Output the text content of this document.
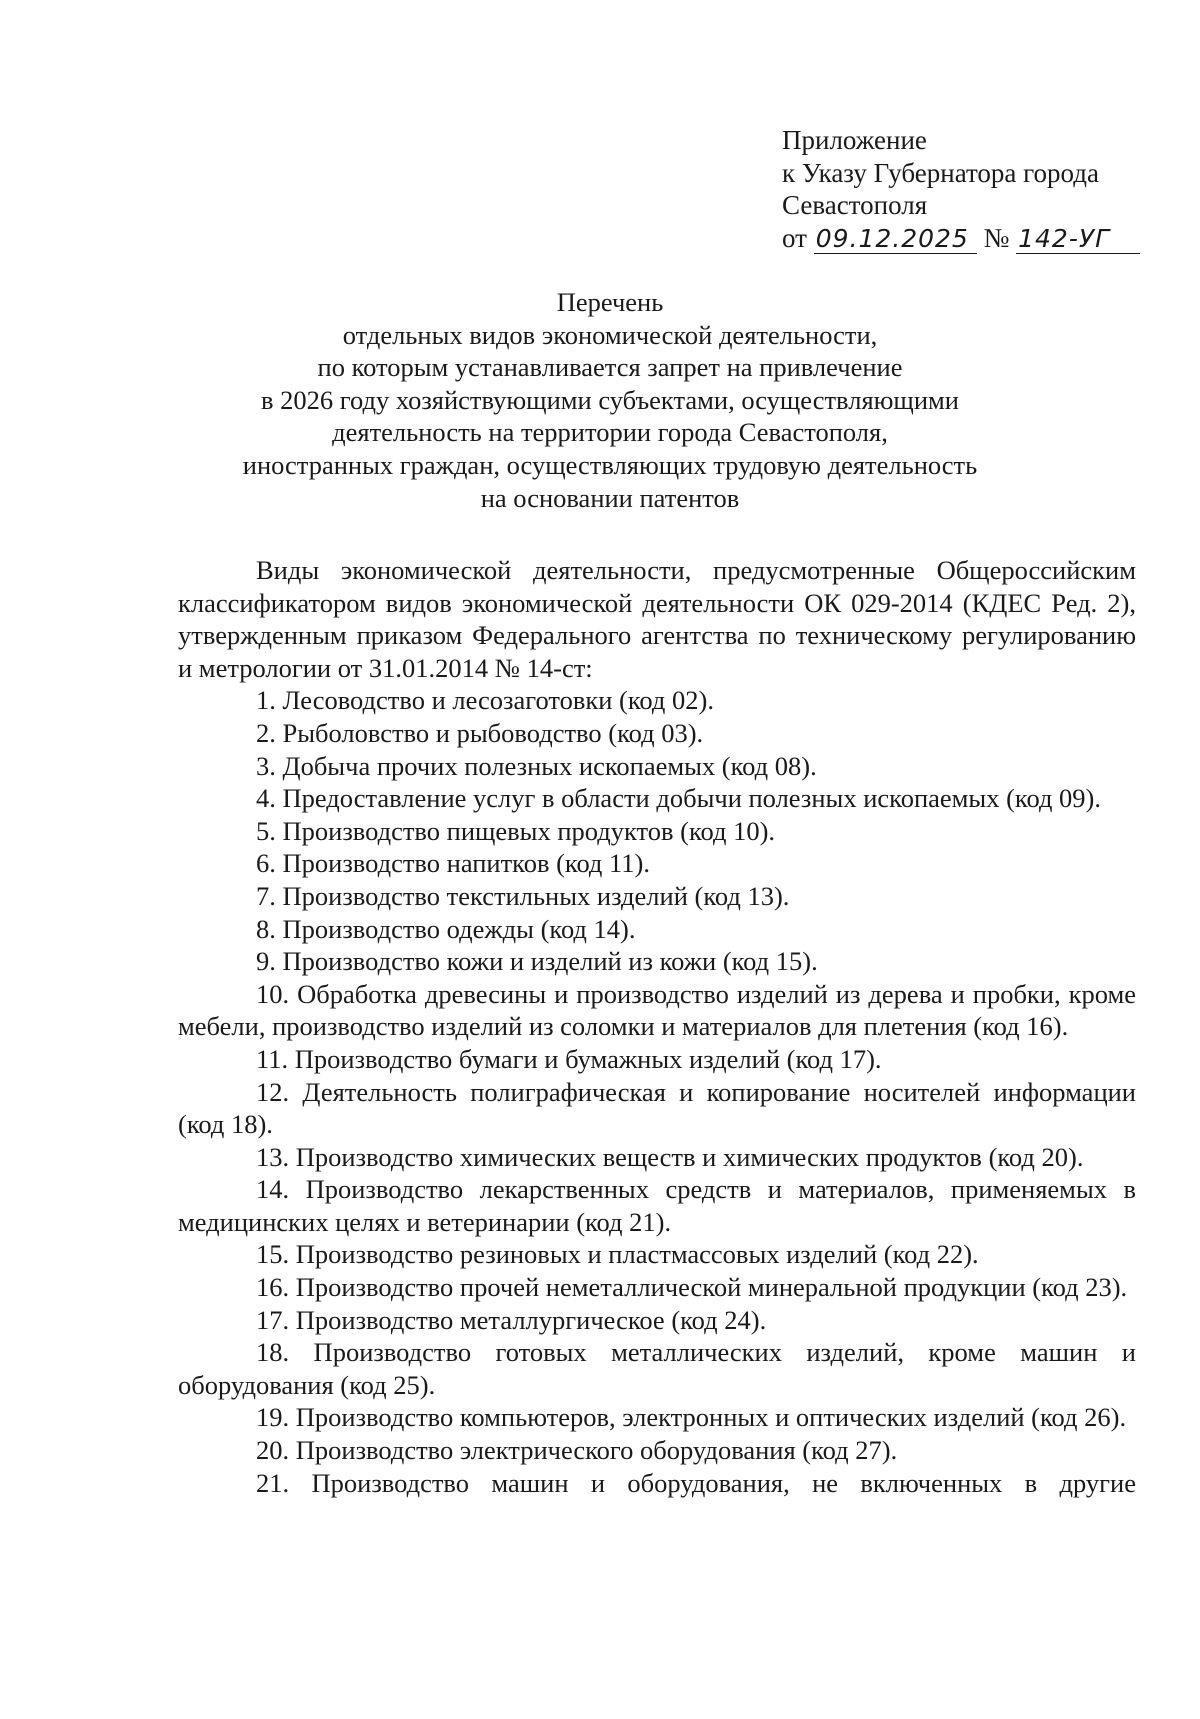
Приложение
к Указу Губернатора города
Севастополя
от 09.12.2025 № 142-УГ
Перечень
отдельных видов экономической деятельности,
по которым устанавливается запрет на привлечение
в 2026 году хозяйствующими субъектами, осуществляющими
деятельность на территории города Севастополя,
иностранных граждан, осуществляющих трудовую деятельность
на основании патентов

Виды экономической деятельности, предусмотренные Общероссийским классификатором видов экономической деятельности ОК 029-2014 (КДЕС Ред. 2), утвержденным приказом Федерального агентства по техническому регулированию и метрологии от 31.01.2014 № 14-ст:

1. Лесоводство и лесозаготовки (код 02).
2. Рыболовство и рыбоводство (код 03).
3. Добыча прочих полезных ископаемых (код 08).
4. Предоставление услуг в области добычи полезных ископаемых (код 09).
5. Производство пищевых продуктов (код 10).
6. Производство напитков (код 11).
7. Производство текстильных изделий (код 13).
8. Производство одежды (код 14).
9. Производство кожи и изделий из кожи (код 15).
10. Обработка древесины и производство изделий из дерева и пробки, кроме мебели, производство изделий из соломки и материалов для плетения (код 16).
11. Производство бумаги и бумажных изделий (код 17).
12. Деятельность полиграфическая и копирование носителей информации (код 18).
13. Производство химических веществ и химических продуктов (код 20).
14. Производство лекарственных средств и материалов, применяемых в медицинских целях и ветеринарии (код 21).
15. Производство резиновых и пластмассовых изделий (код 22).
16. Производство прочей неметаллической минеральной продукции (код 23).
17. Производство металлургическое (код 24).
18. Производство готовых металлических изделий, кроме машин и оборудования (код 25).
19. Производство компьютеров, электронных и оптических изделий (код 26).
20. Производство электрического оборудования (код 27).
21. Производство машин и оборудования, не включенных в другие
